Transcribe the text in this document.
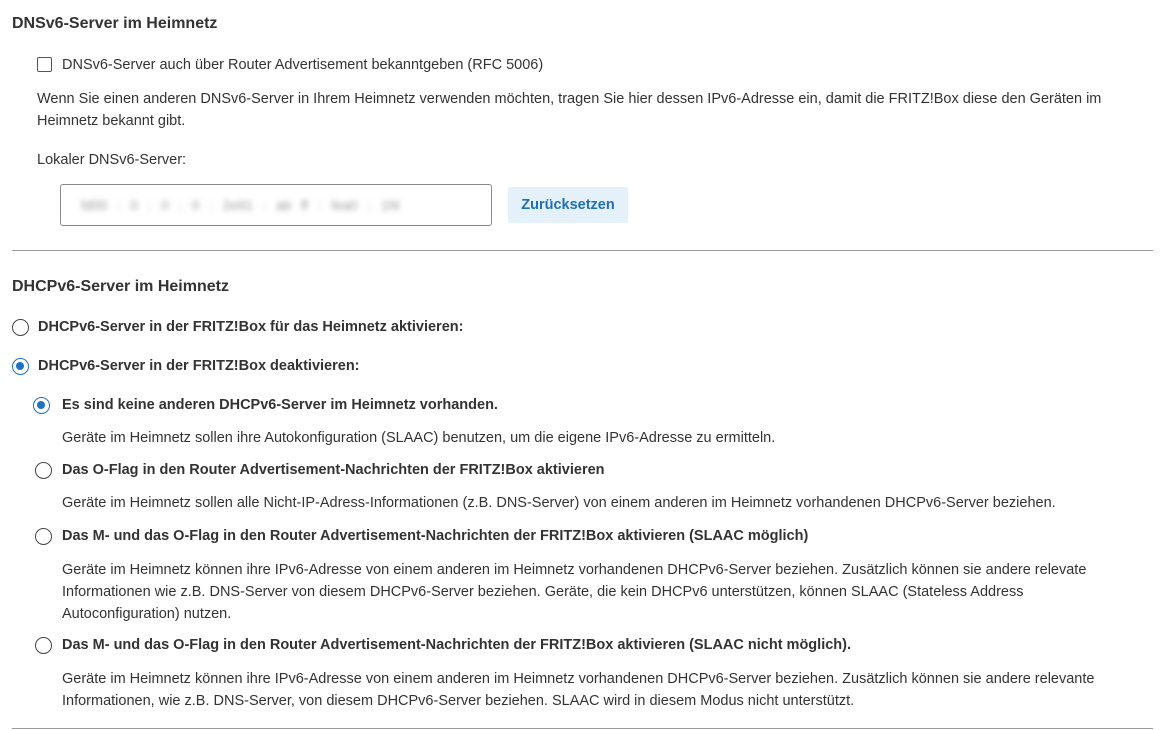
DNSv6-Server im Heimnetz
DNSv6-Server auch über Router Advertisement bekanntgeben (RFC 5006)
Wenn Sie einen anderen DNSv6-Server in Ihrem Heimnetz verwenden möchten, tragen Sie hier dessen IPv6-Adresse ein, damit die FRITZ!Box diese den Geräten im
Heimnetz bekannt gibt.
Lokaler DNSv6-Server:
fd00 : 0 : 0 : 0 : 2e91 : ab ff : fea0 : 1f4
Zurücksetzen
DHCPv6-Server im Heimnetz
DHCPv6-Server in der FRITZ!Box für das Heimnetz aktivieren:
DHCPv6-Server in der FRITZ!Box deaktivieren:
Es sind keine anderen DHCPv6-Server im Heimnetz vorhanden.
Geräte im Heimnetz sollen ihre Autokonfiguration (SLAAC) benutzen, um die eigene IPv6-Adresse zu ermitteln.
Das O-Flag in den Router Advertisement-Nachrichten der FRITZ!Box aktivieren
Geräte im Heimnetz sollen alle Nicht-IP-Adress-Informationen (z.B. DNS-Server) von einem anderen im Heimnetz vorhandenen DHCPv6-Server beziehen.
Das M- und das O-Flag in den Router Advertisement-Nachrichten der FRITZ!Box aktivieren (SLAAC möglich)
Geräte im Heimnetz können ihre IPv6-Adresse von einem anderen im Heimnetz vorhandenen DHCPv6-Server beziehen. Zusätzlich können sie andere relevate
Informationen wie z.B. DNS-Server von diesem DHCPv6-Server beziehen. Geräte, die kein DHCPv6 unterstützen, können SLAAC (Stateless Address
Autoconfiguration) nutzen.
Das M- und das O-Flag in den Router Advertisement-Nachrichten der FRITZ!Box aktivieren (SLAAC nicht möglich).
Geräte im Heimnetz können ihre IPv6-Adresse von einem anderen im Heimnetz vorhandenen DHCPv6-Server beziehen. Zusätzlich können sie andere relevante
Informationen, wie z.B. DNS-Server, von diesem DHCPv6-Server beziehen. SLAAC wird in diesem Modus nicht unterstützt.
